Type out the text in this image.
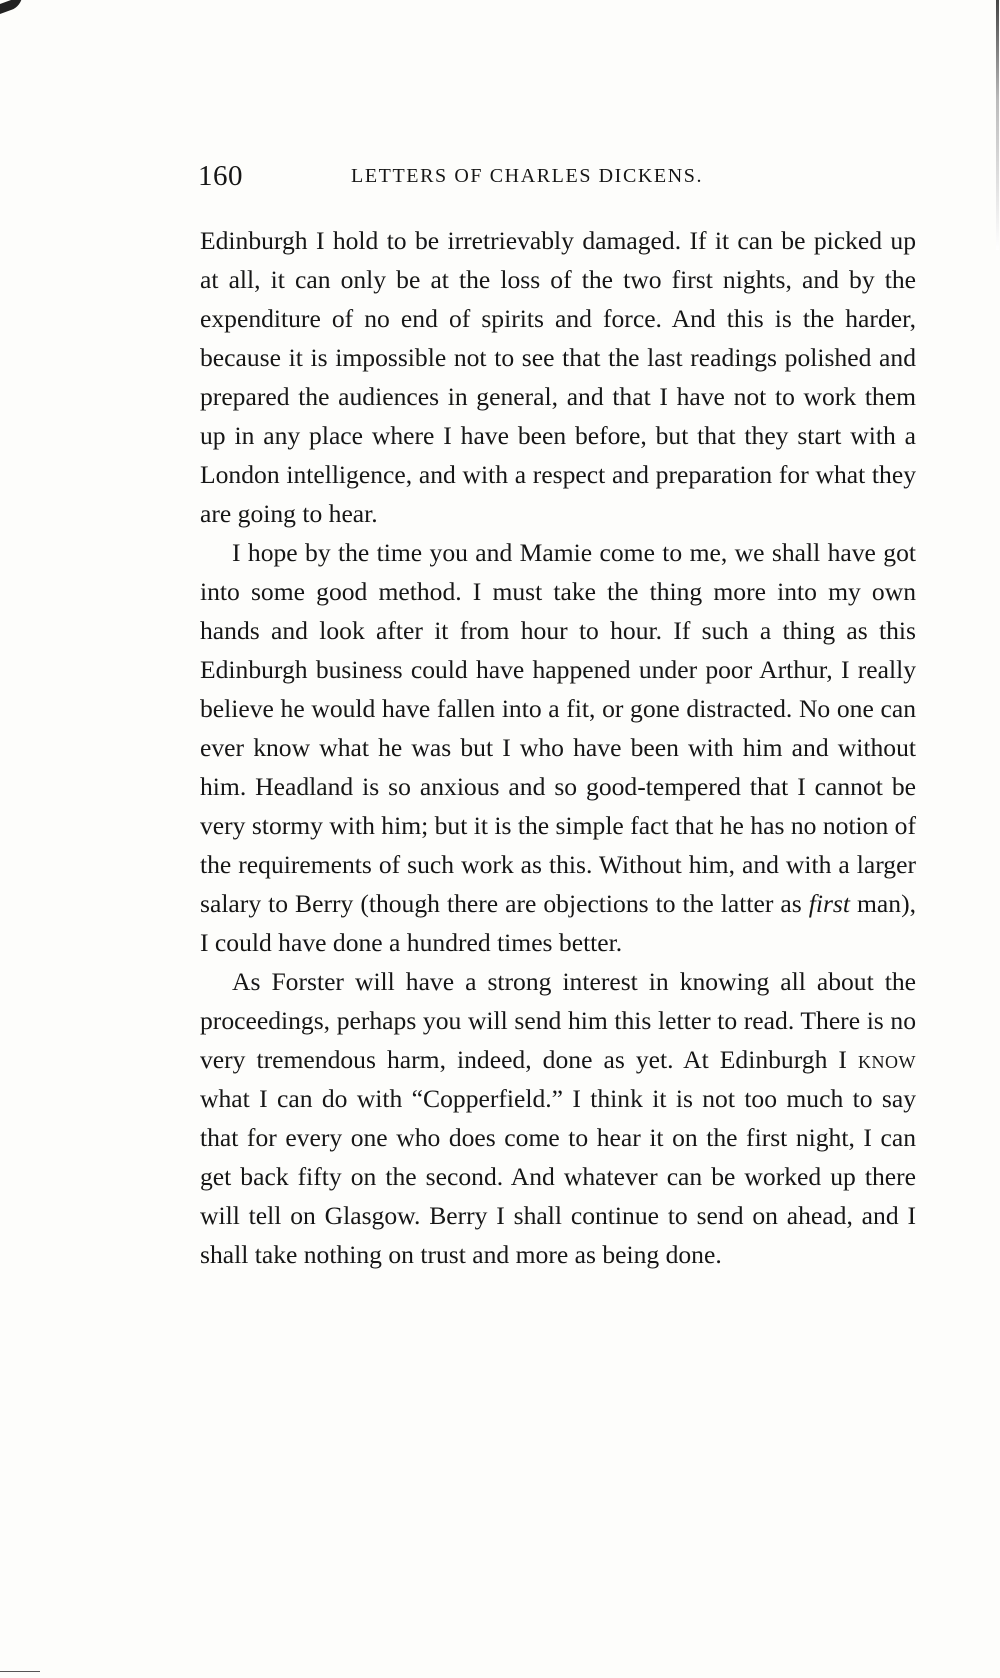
160	LETTERS OF CHARLES DICKENS.

Edinburgh I hold to be irretrievably damaged. If it can be picked up at all, it can only be at the loss of the two first nights, and by the expenditure of no end of spirits and force. And this is the harder, because it is impossible not to see that the last readings polished and prepared the audiences in general, and that I have not to work them up in any place where I have been before, but that they start with a London intelligence, and with a respect and preparation for what they are going to hear.

I hope by the time you and Mamie come to me, we shall have got into some good method. I must take the thing more into my own hands and look after it from hour to hour. If such a thing as this Edinburgh business could have happened under poor Arthur, I really believe he would have fallen into a fit, or gone distracted. No one can ever know what he was but I who have been with him and without him. Headland is so anxious and so good-tempered that I cannot be very stormy with him; but it is the simple fact that he has no notion of the requirements of such work as this. Without him, and with a larger salary to Berry (though there are objections to the latter as first man), I could have done a hundred times better.

As Forster will have a strong interest in knowing all about the proceedings, perhaps you will send him this letter to read. There is no very tremendous harm, indeed, done as yet. At Edinburgh I know what I can do with “Copperfield.” I think it is not too much to say that for every one who does come to hear it on the first night, I can get back fifty on the second. And whatever can be worked up there will tell on Glasgow. Berry I shall continue to send on ahead, and I shall take nothing on trust and more as being done.
